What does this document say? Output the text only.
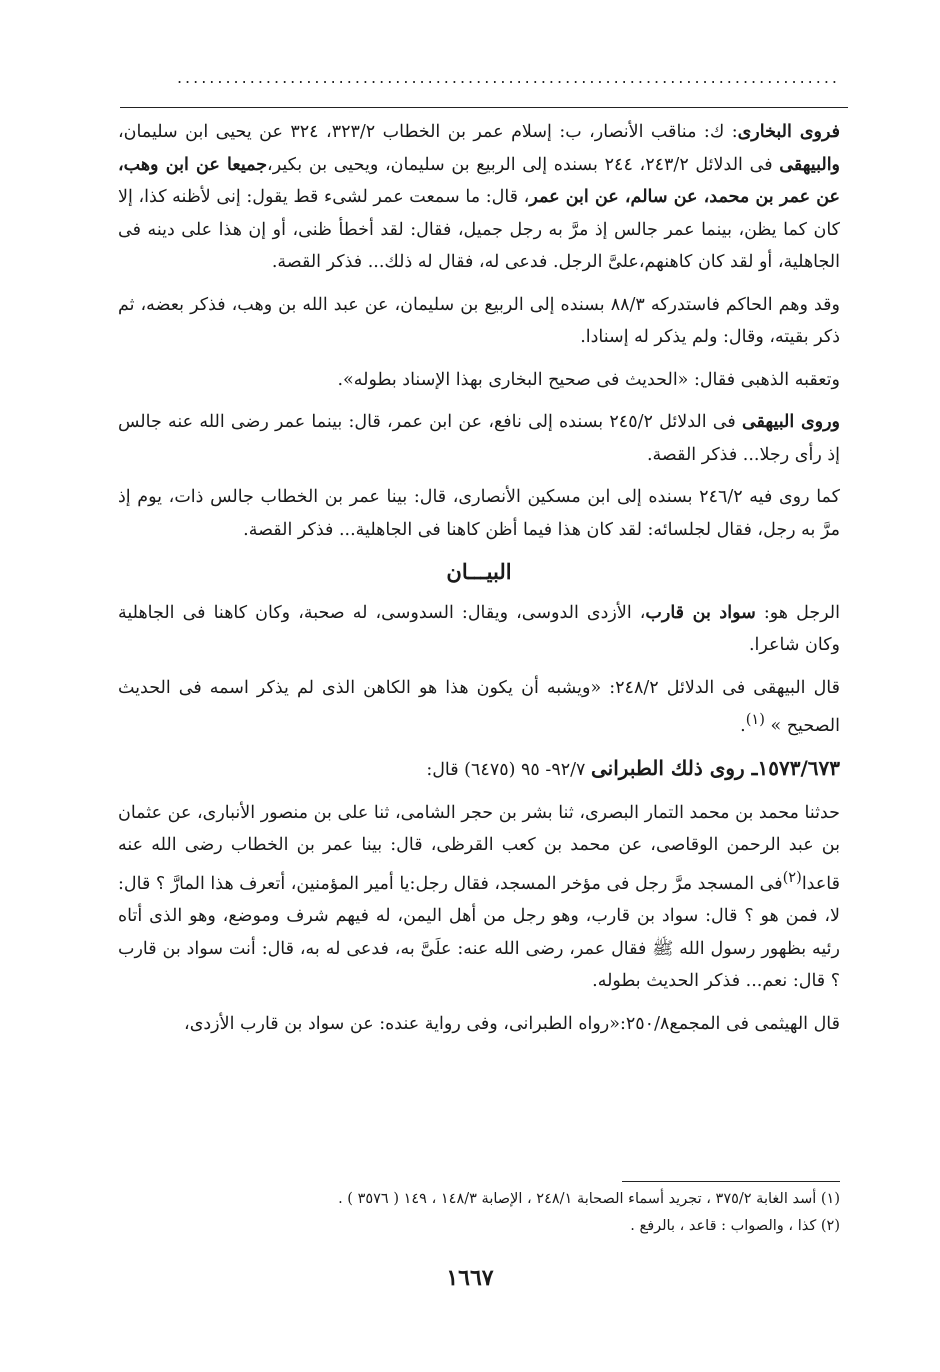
..................................................................................

فروى البخارى: ك: مناقب الأنصار، ب: إسلام عمر بن الخطاب ٣٢٣/٢، ٣٢٤ عن يحيى ابن سليمان، والبيهقى فى الدلائل ٢٤٣/٢، ٢٤٤ بسنده إلى الربيع بن سليمان، ويحيى بن بكير،جميعا عن ابن وهب، عن عمر بن محمد، عن سالم، عن ابن عمر، قال: ما سمعت عمر لشىء قط يقول: إنى لأظنه كذا، إلا كان كما يظن، بينما عمر جالس إذ مرَّ به رجل جميل، فقال: لقد أخطأ ظنى، أو إن هذا على دينه فى الجاهلية، أو لقد كان كاهنهم،علىَّ الرجل. فدعى له، فقال له ذلك... فذكر القصة.

وقد وهم الحاكم فاستدركه ٨٨/٣ بسنده إلى الربيع بن سليمان، عن عبد الله بن وهب، فذكر بعضه، ثم ذكر بقيته، وقال: ولم يذكر له إسنادا.

وتعقبه الذهبى فقال: «الحديث فى صحيح البخارى بهذا الإسناد بطوله».

وروى البيهقى فى الدلائل ٢٤٥/٢ بسنده إلى نافع، عن ابن عمر، قال: بينما عمر رضى الله عنه جالس إذ رأى رجلا... فذكر القصة.

كما روى فيه ٢٤٦/٢ بسنده إلى ابن مسكين الأنصارى، قال: بينا عمر بن الخطاب جالس ذات، يوم إذ مرَّ به رجل، فقال لجلسائه: لقد كان هذا فيما أظن كاهنا فى الجاهلية... فذكر القصة.

البيـــان

الرجل هو: سواد بن قارب، الأزدى الدوسى، ويقال: السدوسى، له صحبة، وكان كاهنا فى الجاهلية وكان شاعرا.

قال البيهقى فى الدلائل ٢٤٨/٢: «ويشبه أن يكون هذا هو الكاهن الذى لم يذكر اسمه فى الحديث الصحيح » $^{(١)}$.

١٥٧٣/٦٧٣ـ روى ذلك الطبرانى ٩٢/٧- ٩٥ (٦٤٧٥) قال:

حدثنا محمد بن محمد التمار البصرى، ثنا بشر بن حجر الشامى، ثنا على بن منصور الأنبارى، عن عثمان بن عبد الرحمن الوقاصى، عن محمد بن كعب القرظى، قال: بينا عمر بن الخطاب رضى الله عنه قاعدا$^{(٢)}$فى المسجد مرَّ رجل فى مؤخر المسجد، فقال رجل:يا أمير المؤمنين، أتعرف هذا المارَّ ؟ قال: لا، فمن هو ؟ قال: سواد بن قارب، وهو رجل من أهل اليمن، له فيهم شرف وموضع، وهو الذى أتاه رئيه بظهور رسول الله ﷺ فقال عمر، رضى الله عنه: علَىَّ به، فدعى له به، قال: أنت سواد بن قارب ؟ قال: نعم... فذكر الحديث بطوله.

قال الهيثمى فى المجمع٢٥٠/٨:«رواه الطبرانى، وفى رواية عنده: عن سواد بن قارب الأزدى،

(١) أسد الغابة ٣٧٥/٢ ، تجريد أسماء الصحابة ٢٤٨/١ ، الإصابة ١٤٨/٣ ، ١٤٩ ( ٣٥٧٦ ) .
(٢) كذا ، والصواب : قاعد ، بالرفع .
١٦٦٧
